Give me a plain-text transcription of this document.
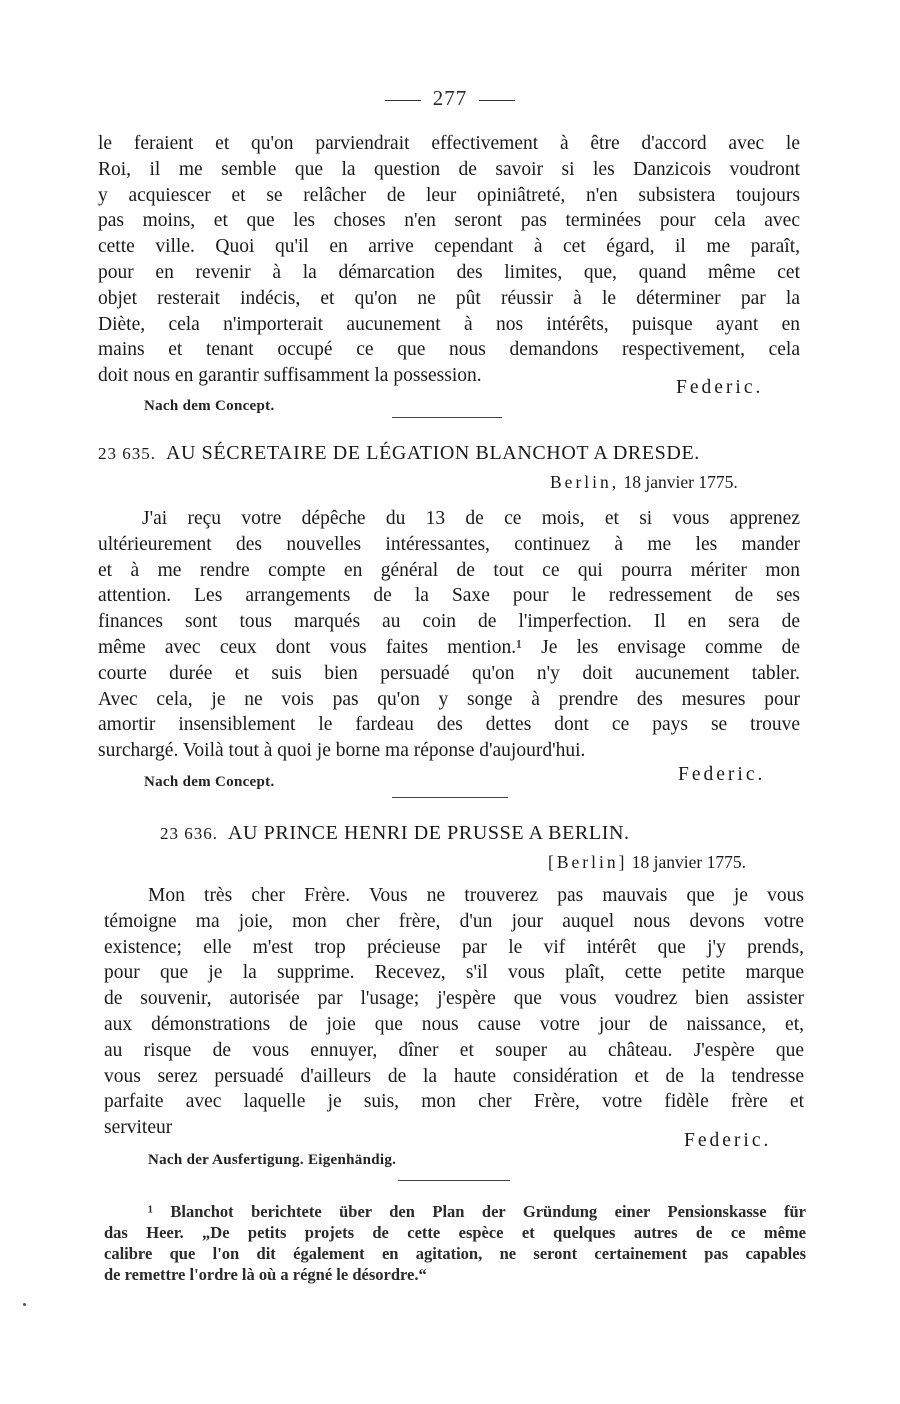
277
le feraient et qu'on parviendrait effectivement à être d'accord avec le
Roi, il me semble que la question de savoir si les Danzicois voudront
y acquiescer et se relâcher de leur opiniâtreté, n'en subsistera toujours
pas moins, et que les choses n'en seront pas terminées pour cela avec
cette ville. Quoi qu'il en arrive cependant à cet égard, il me paraît,
pour en revenir à la démarcation des limites, que, quand même cet
objet resterait indécis, et qu'on ne pût réussir à le déterminer par la
Diète, cela n'importerait aucunement à nos intérêts, puisque ayant en
mains et tenant occupé ce que nous demandons respectivement, cela
doit nous en garantir suffisamment la possession.
Federic.
Nach dem Concept.
23 635. AU SÉCRETAIRE DE LÉGATION BLANCHOT A DRESDE.
Berlin, 18 janvier 1775.
J'ai reçu votre dépêche du 13 de ce mois, et si vous apprenez
ultérieurement des nouvelles intéressantes, continuez à me les mander
et à me rendre compte en général de tout ce qui pourra mériter mon
attention. Les arrangements de la Saxe pour le redressement de ses
finances sont tous marqués au coin de l'imperfection. Il en sera de
même avec ceux dont vous faites mention.¹ Je les envisage comme de
courte durée et suis bien persuadé qu'on n'y doit aucunement tabler.
Avec cela, je ne vois pas qu'on y songe à prendre des mesures pour
amortir insensiblement le fardeau des dettes dont ce pays se trouve
surchargé. Voilà tout à quoi je borne ma réponse d'aujourd'hui.
Nach dem Concept.	Federic.
23 636. AU PRINCE HENRI DE PRUSSE A BERLIN.
[Berlin] 18 janvier 1775.
Mon très cher Frère. Vous ne trouverez pas mauvais que je vous
témoigne ma joie, mon cher frère, d'un jour auquel nous devons votre
existence; elle m'est trop précieuse par le vif intérêt que j'y prends,
pour que je la supprime. Recevez, s'il vous plaît, cette petite marque
de souvenir, autorisée par l'usage; j'espère que vous voudrez bien assister
aux démonstrations de joie que nous cause votre jour de naissance, et,
au risque de vous ennuyer, dîner et souper au château. J'espère que
vous serez persuadé d'ailleurs de la haute considération et de la tendresse
parfaite avec laquelle je suis, mon cher Frère, votre fidèle frère et
serviteur
Federic.
Nach der Ausfertigung. Eigenhändig.
¹ Blanchot berichtete über den Plan der Gründung einer Pensionskasse für
das Heer. „De petits projets de cette espèce et quelques autres de ce même
calibre que l'on dit également en agitation, ne seront certainement pas capables
de remettre l'ordre là où a régné le désordre.“
